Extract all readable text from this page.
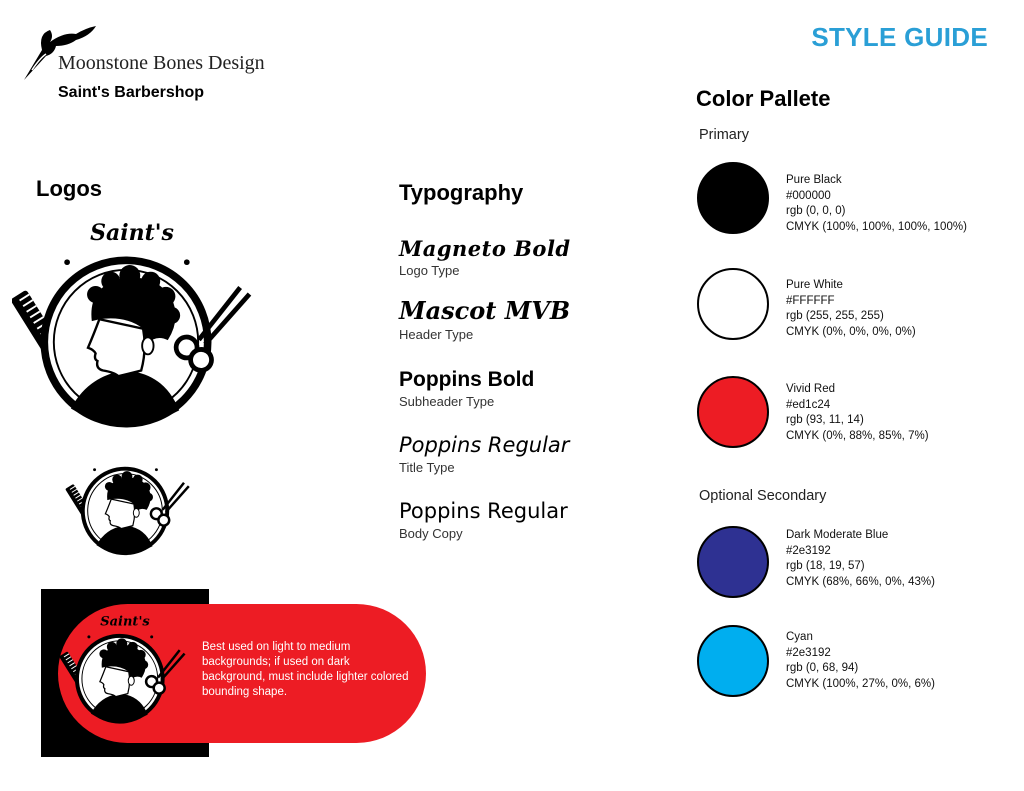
Moonstone Bones Design
Saint's Barbershop
STYLE GUIDE
Logos
Saint's
Saint's
Best used on light to medium backgrounds; if used on dark background, must include lighter colored bounding shape.
Typography
Magneto Bold
Logo Type
Mascot MVB
Header Type
Poppins Bold
Subheader Type
Poppins Regular
Title Type
Poppins Regular
Body Copy
Color Pallete
Primary
Pure Black
#000000
rgb (0, 0, 0)
CMYK (100%, 100%, 100%, 100%)
Pure White
#FFFFFF
rgb (255, 255, 255)
CMYK (0%, 0%, 0%, 0%)
Vivid Red
#ed1c24
rgb (93, 11, 14)
CMYK (0%, 88%, 85%, 7%)
Optional Secondary
Dark Moderate Blue
#2e3192
rgb (18, 19, 57)
CMYK (68%, 66%, 0%, 43%)
Cyan
#2e3192
rgb (0, 68, 94)
CMYK (100%, 27%, 0%, 6%)
